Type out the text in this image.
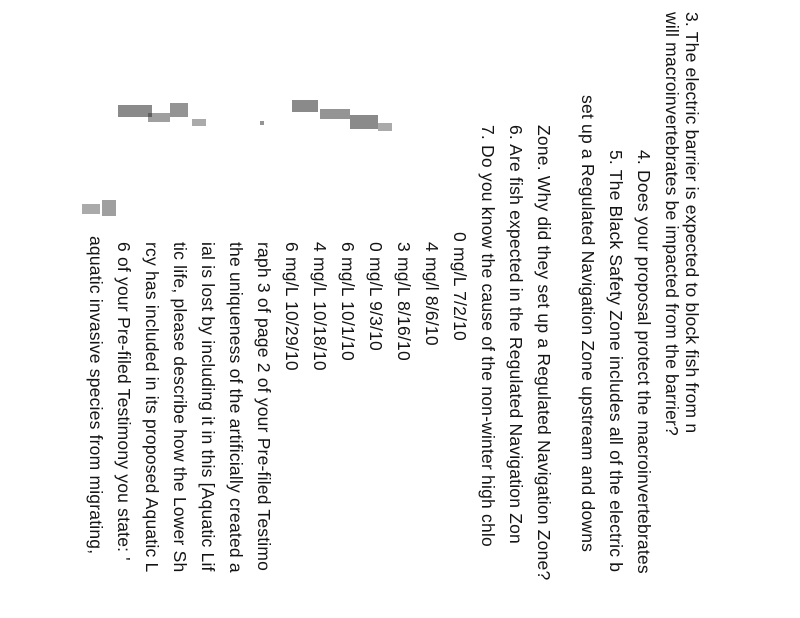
3. The electric barrier is expected to block fish from n
will macroinvertebrates be impacted from the barrier?
4. Does your proposal protect the macroinvertebrates
5. The Black Safety Zone includes all of the electric b
set up a Regulated Navigation Zone upstream and downs
Zone. Why did they set up a Regulated Navigation Zone?
6. Are fish expected in the Regulated Navigation Zon
7. Do you know the cause of the non-winter high chlo
0 mg/L 7/2/10
4 mg/l 8/6/10
3 mg/L 8/16/10
0 mg/L 9/3/10
6 mg/L 10/1/10
4 mg/L 10/18/10
6 mg/L 10/29/10
raph 3 of page 2 of your Pre-filed Testimo
the uniqueness of the artificially created a
ial is lost by including it in this [Aquatic Lif
tic life, please describe how the Lower Sh
rcy has included in its proposed Aquatic L
6 of your Pre-filed Testimony you state: '
aquatic invasive species from migrating,
